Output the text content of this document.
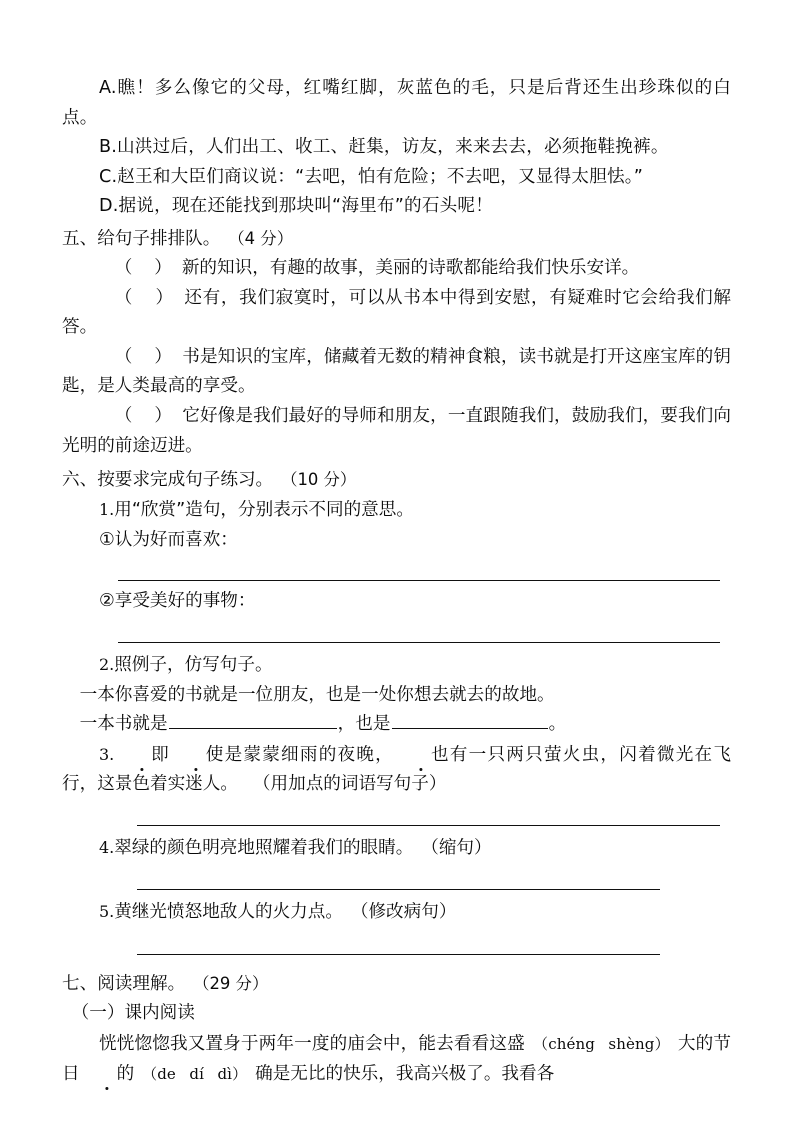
A.瞧！多么像它的父母，红嘴红脚，灰蓝色的毛，只是后背还生出珍珠似的白点。

B.山洪过后，人们出工、收工、赶集，访友，来来去去，必须拖鞋挽裤。

C.赵王和大臣们商议说：“去吧，怕有危险；不去吧，又显得太胆怯。”

D.据说，现在还能找到那块叫“海里布”的石头呢！

五、给句子排排队。 （4 分）

（　） 新的知识，有趣的故事，美丽的诗歌都能给我们快乐安详。

（　） 还有，我们寂寞时，可以从书本中得到安慰，有疑难时它会给我们解答。

（　） 书是知识的宝库，储藏着无数的精神食粮，读书就是打开这座宝库的钥匙，是人类最高的享受。

（　） 它好像是我们最好的导师和朋友，一直跟随我们，鼓励我们，要我们向光明的前途迈进。

六、按要求完成句子练习。 （10 分）

1.用“欣赏”造句，分别表示不同的意思。

①认为好而喜欢：

②享受美好的事物：

2.照例子，仿写句子。

一本你喜爱的书就是一位朋友，也是一处你想去就去的故地。

一本书就是	，也是	。

3. 即 使是蒙蒙细雨的夜晚， 也有一只两只萤火虫，闪着微光在飞行，这景色着实迷人。 （用加点的词语写句子）

4.翠绿的颜色明亮地照耀着我们的眼睛。 （缩句）

5.黄继光愤怒地敌人的火力点。 （修改病句）

七、阅读理解。 （29 分）

（一）课内阅读

恍恍惚惚我又置身于两年一度的庙会中，能去看看这盛 （chéng shèng） 大的节日 的 （de dí dì） 确是无比的快乐，我高兴极了。我看各
